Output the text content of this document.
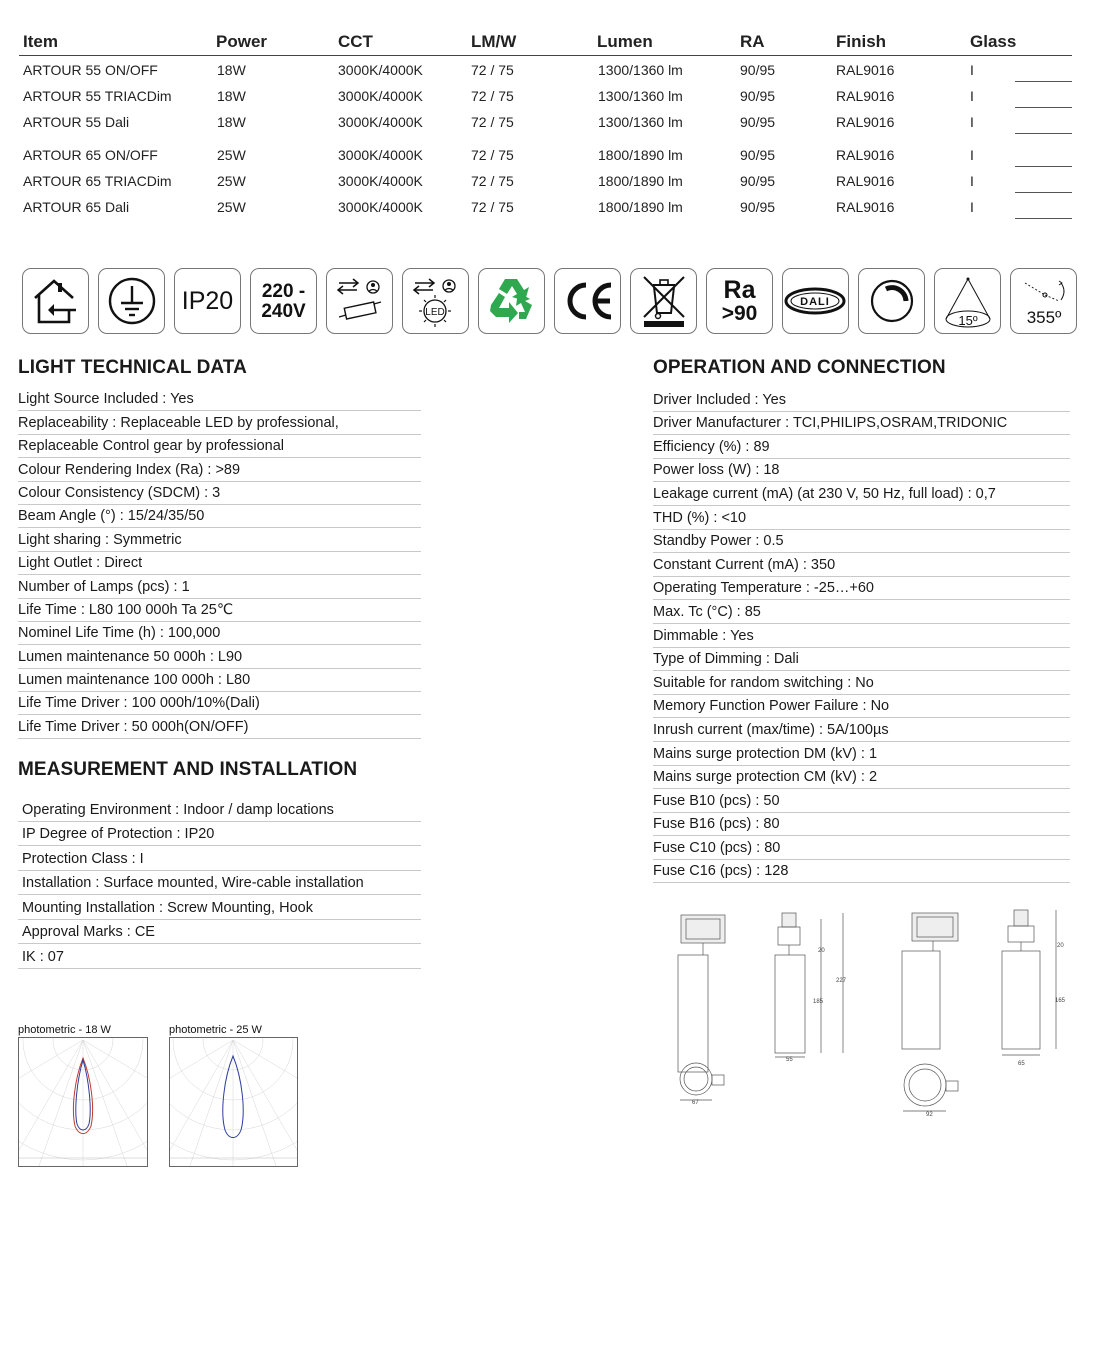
Item	Power	CCT	LM/W	Lumen	RA	Finish	Glass
ARTOUR 55 ON/OFF	18W	3000K/4000K	72 / 75	1300/1360 lm	90/95	RAL9016	I
ARTOUR 55 TRIACDim	18W	3000K/4000K	72 / 75	1300/1360 lm	90/95	RAL9016	I
ARTOUR 55 Dali	18W	3000K/4000K	72 / 75	1300/1360 lm	90/95	RAL9016	I
ARTOUR 65 ON/OFF	25W	3000K/4000K	72 / 75	1800/1890 lm	90/95	RAL9016	I
ARTOUR 65 TRIACDim	25W	3000K/4000K	72 / 75	1800/1890 lm	90/95	RAL9016	I
ARTOUR 65 Dali	25W	3000K/4000K	72 / 75	1800/1890 lm	90/95	RAL9016	I
IP20 220 -
240V	LED
Ra
>90	DALI
15º	355º
LIGHT TECHNICAL DATA
Light Source Included : Yes
Replaceability : Replaceable LED by professional,
Replaceable Control gear by professional
Colour Rendering Index (Ra) : >89
Colour Consistency (SDCM) : 3
Beam Angle (°) : 15/24/35/50
Light sharing : Symmetric
Light Outlet : Direct
Number of Lamps (pcs) : 1
Life Time : L80 100 000h Ta 25℃
Nominel Life Time (h) : 100,000
Lumen maintenance 50 000h : L90
Lumen maintenance 100 000h : L80
Life Time Driver : 100 000h/10%(Dali)
Life Time Driver : 50 000h(ON/OFF)
MEASUREMENT AND INSTALLATION
Operating Environment : Indoor / damp locations
IP Degree of Protection : IP20
Protection Class : I
Installation : Surface mounted, Wire-cable installation
Mounting Installation : Screw Mounting, Hook
Approval Marks : CE
IK : 07
OPERATION AND CONNECTION
Driver Included : Yes
Driver Manufacturer : TCI,PHILIPS,OSRAM,TRIDONIC
Efficiency (%) : 89
Power loss (W) : 18
Leakage current (mA) (at 230 V, 50 Hz, full load) : 0,7
THD (%) : <10
Standby Power : 0.5
Constant Current (mA) : 350
Operating Temperature : -25…+60
Max. Tc (°C) : 85
Dimmable : Yes
Type of Dimming : Dali
Suitable for random switching : No
Memory Function Power Failure : No
Inrush current (max/time) : 5A/100µs
Mains surge protection DM (kV) : 1
Mains surge protection CM (kV) : 2
Fuse B10 (pcs) : 50
Fuse B16 (pcs) : 80
Fuse C10 (pcs) : 80
Fuse C16 (pcs) : 128
photometric - 18 W	photometric - 25 W
20
185
227
55
67
20
165
65
92
